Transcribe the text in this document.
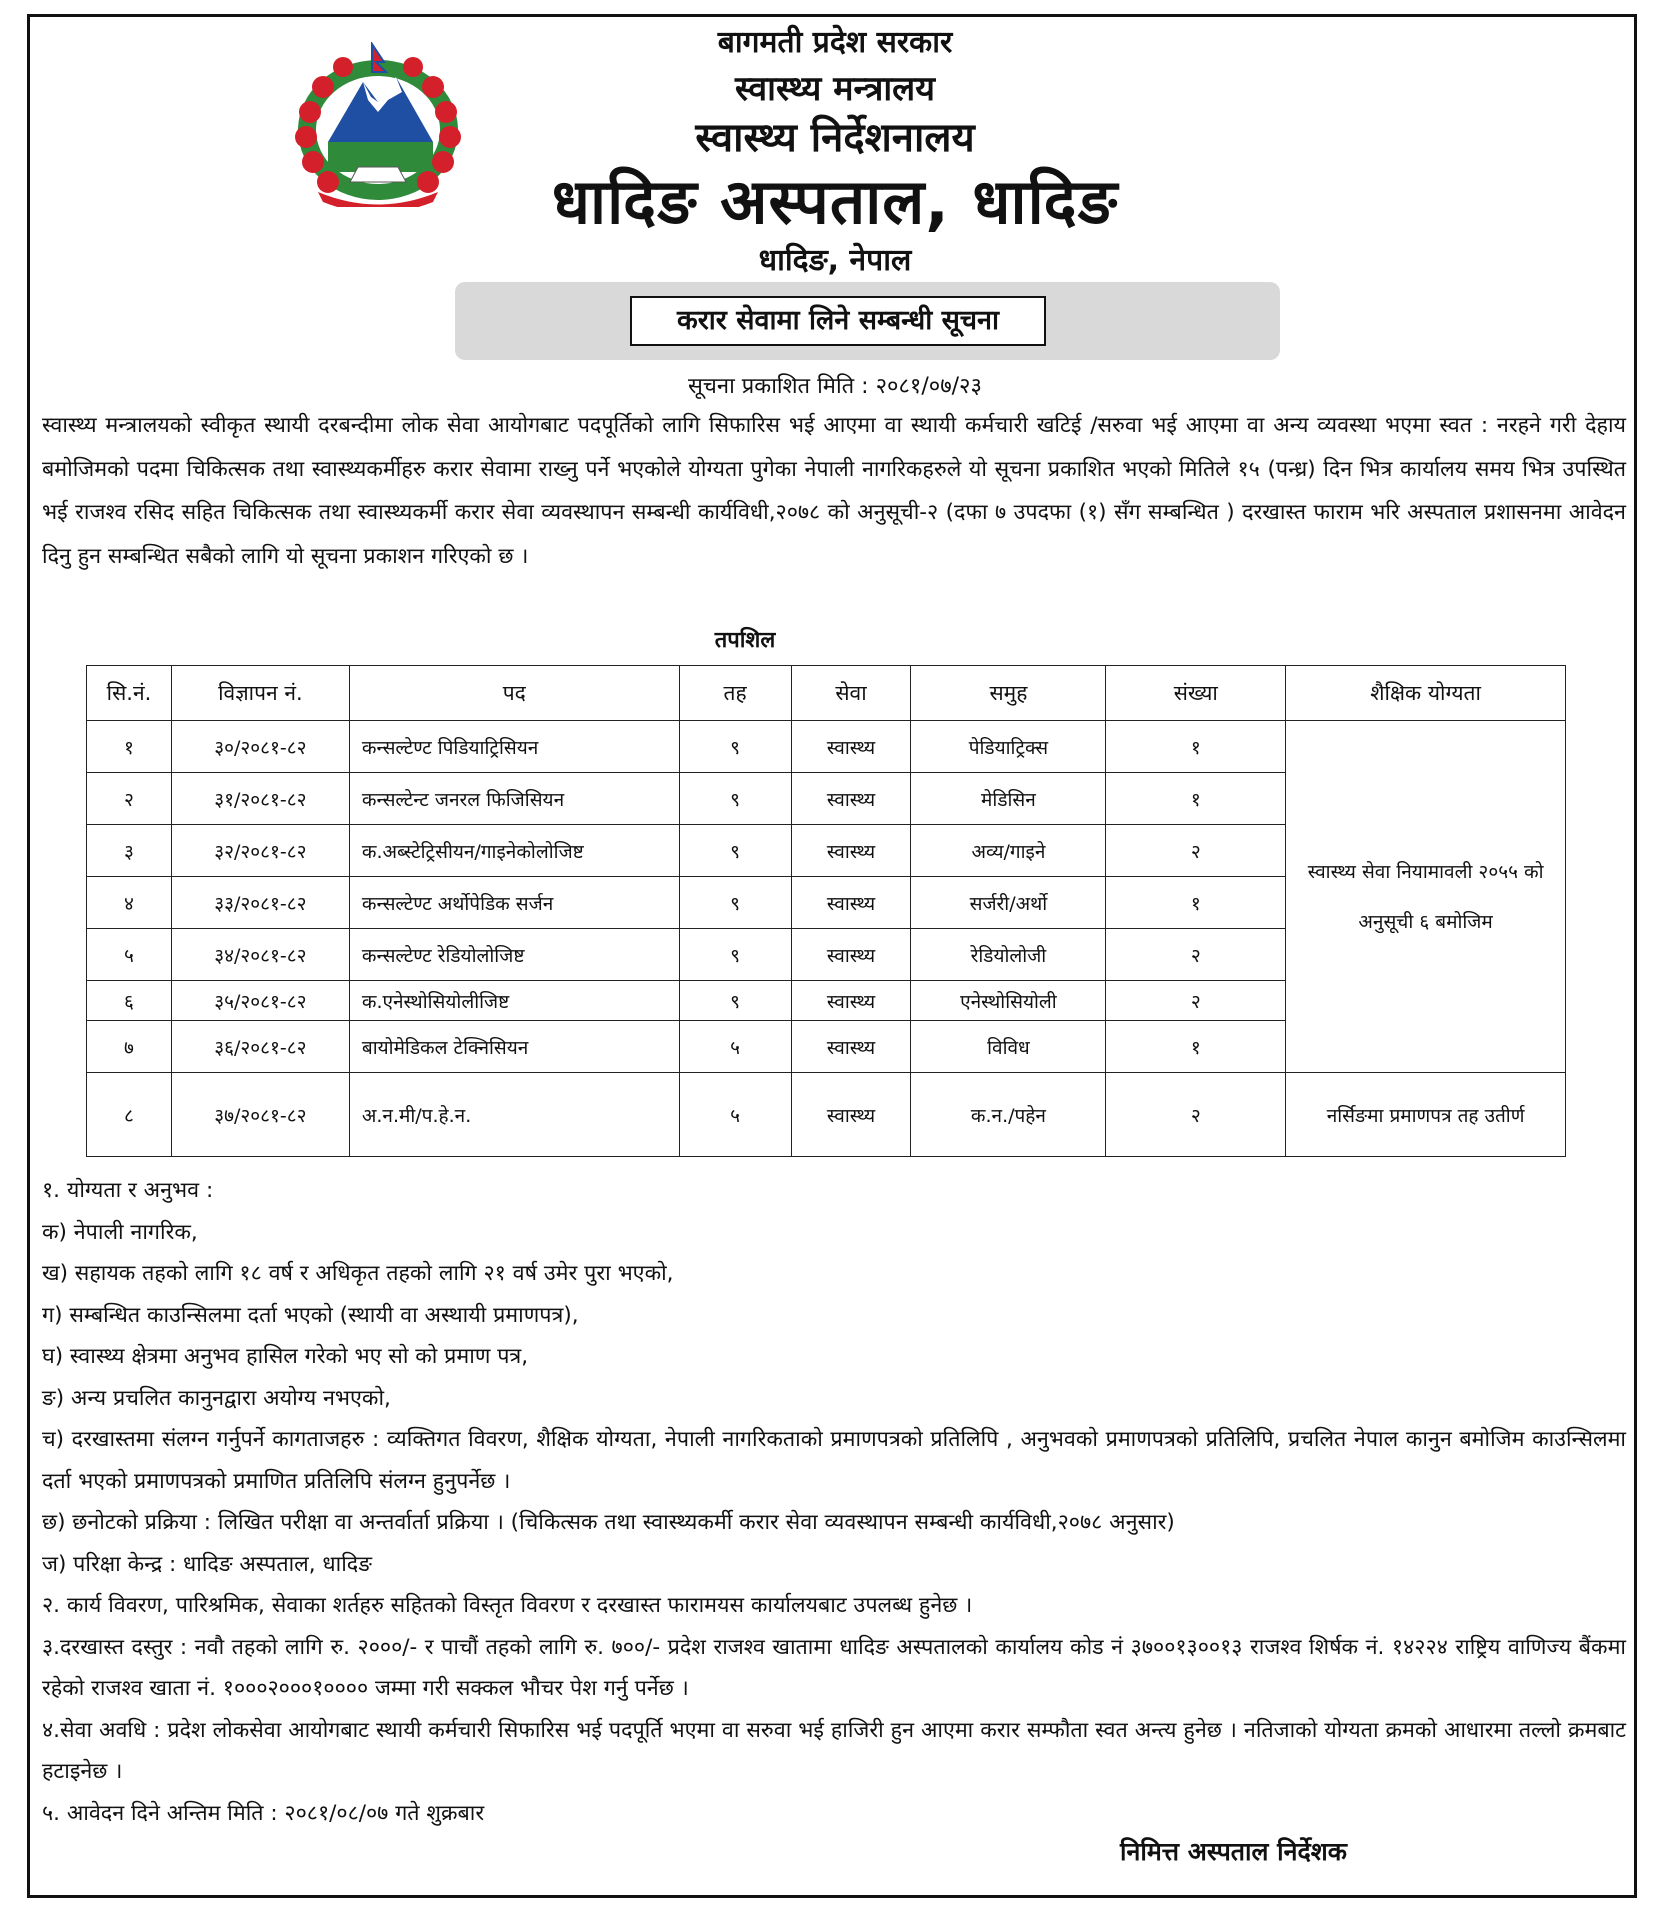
बागमती प्रदेश सरकार
स्वास्थ्य मन्त्रालय
स्वास्थ्य निर्देशनालय
धादिङ अस्पताल, धादिङ
धादिङ, नेपाल
करार सेवामा लिने सम्बन्धी सूचना
सूचना प्रकाशित मिति : २०८१/०७/२३
स्वास्थ्य मन्त्रालयको स्वीकृत स्थायी दरबन्दीमा लोक सेवा आयोगबाट पदपूर्तिको लागि सिफारिस भई आएमा वा स्थायी कर्मचारी खटिई /सरुवा भई आएमा वा अन्य व्यवस्था भएमा स्वत : नरहने गरी देहाय बमोजिमको पदमा चिकित्सक तथा स्वास्थ्यकर्मीहरु करार सेवामा राख्नु पर्ने भएकोले योग्यता पुगेका नेपाली नागरिकहरुले यो सूचना प्रकाशित भएको मितिले १५ (पन्ध्र) दिन भित्र कार्यालय समय भित्र उपस्थित भई राजश्व रसिद सहित चिकित्सक तथा स्वास्थ्यकर्मी करार सेवा व्यवस्थापन सम्बन्धी कार्यविधी,२०७८ को अनुसूची-२ (दफा ७ उपदफा (१) सँग सम्बन्धित ) दरखास्त फाराम भरि अस्पताल प्रशासनमा आवेदन दिनु हुन सम्बन्धित सबैको लागि यो सूचना प्रकाशन गरिएको छ ।
तपशिल
सि.नं.	विज्ञापन नं.	पद	तह	सेवा	समुह	संख्या	शैक्षिक योग्यता
१	३०/२०८१-८२	कन्सल्टेण्ट पिडियाट्रिसियन	९	स्वास्थ्य	पेडियाट्रिक्स	१	स्वास्थ्य सेवा नियामावली २०५५ को अनुसूची ६ बमोजिम
२	३१/२०८१-८२	कन्सल्टेन्ट जनरल फिजिसियन	९	स्वास्थ्य	मेडिसिन	१	
३	३२/२०८१-८२	क.अब्स्टेट्रिसीयन/गाइनेकोलोजिष्ट	९	स्वास्थ्य	अव्य/गाइने	२	
४	३३/२०८१-८२	कन्सल्टेण्ट अर्थोपेडिक सर्जन	९	स्वास्थ्य	सर्जरी/अर्थो	१	
५	३४/२०८१-८२	कन्सल्टेण्ट रेडियोलोजिष्ट	९	स्वास्थ्य	रेडियोलोजी	२	
६	३५/२०८१-८२	क.एनेस्थोसियोलीजिष्ट	९	स्वास्थ्य	एनेस्थोसियोली	२	
७	३६/२०८१-८२	बायोमेडिकल टेक्निसियन	५	स्वास्थ्य	विविध	१	
८	३७/२०८१-८२	अ.न.मी/प.हे.न.	५	स्वास्थ्य	क.न./पहेन	२	नर्सिङमा प्रमाणपत्र तह उतीर्ण
१. योग्यता र अनुभव :
क) नेपाली नागरिक,
ख) सहायक तहको लागि १८ वर्ष र अधिकृत तहको लागि २१ वर्ष उमेर पुरा भएको,
ग) सम्बन्धित काउन्सिलमा दर्ता भएको (स्थायी वा अस्थायी प्रमाणपत्र),
घ) स्वास्थ्य क्षेत्रमा अनुभव हासिल गरेको भए सो को प्रमाण पत्र,
ङ) अन्य प्रचलित कानुनद्वारा अयोग्य नभएको,
च) दरखास्तमा संलग्न गर्नुपर्ने कागताजहरु : व्यक्तिगत विवरण, शैक्षिक योग्यता, नेपाली नागरिकताको प्रमाणपत्रको प्रतिलिपि , अनुभवको प्रमाणपत्रको प्रतिलिपि, प्रचलित नेपाल कानुन बमोजिम काउन्सिलमा दर्ता भएको प्रमाणपत्रको प्रमाणित प्रतिलिपि संलग्न हुनुपर्नेछ ।
छ) छनोटको प्रक्रिया : लिखित परीक्षा वा अन्तर्वार्ता प्रक्रिया । (चिकित्सक तथा स्वास्थ्यकर्मी करार सेवा व्यवस्थापन सम्बन्धी कार्यविधी,२०७८ अनुसार)
ज) परिक्षा केन्द्र : धादिङ अस्पताल, धादिङ
२. कार्य विवरण, पारिश्रमिक, सेवाका शर्तहरु सहितको विस्तृत विवरण र दरखास्त फारामयस कार्यालयबाट उपलब्ध हुनेछ ।
३.दरखास्त दस्तुर : नवौ तहको लागि रु. २०००/- र पाचौं तहको लागि रु. ७००/- प्रदेश राजश्व खातामा धादिङ अस्पतालको कार्यालय कोड नं ३७००१३००१३ राजश्व शिर्षक नं. १४२२४ राष्ट्रिय वाणिज्य बैंकमा रहेको राजश्व खाता नं. १०००२०००१०००० जम्मा गरी सक्कल भौचर पेश गर्नु पर्नेछ ।
४.सेवा अवधि : प्रदेश लोकसेवा आयोगबाट स्थायी कर्मचारी सिफारिस भई पदपूर्ति भएमा वा सरुवा भई हाजिरी हुन आएमा करार सम्फौता स्वत अन्त्य हुनेछ । नतिजाको योग्यता क्रमको आधारमा तल्लो क्रमबाट हटाइनेछ ।
५. आवेदन दिने अन्तिम मिति : २०८१/०८/०७ गते शुक्रबार
निमित्त अस्पताल निर्देशक
